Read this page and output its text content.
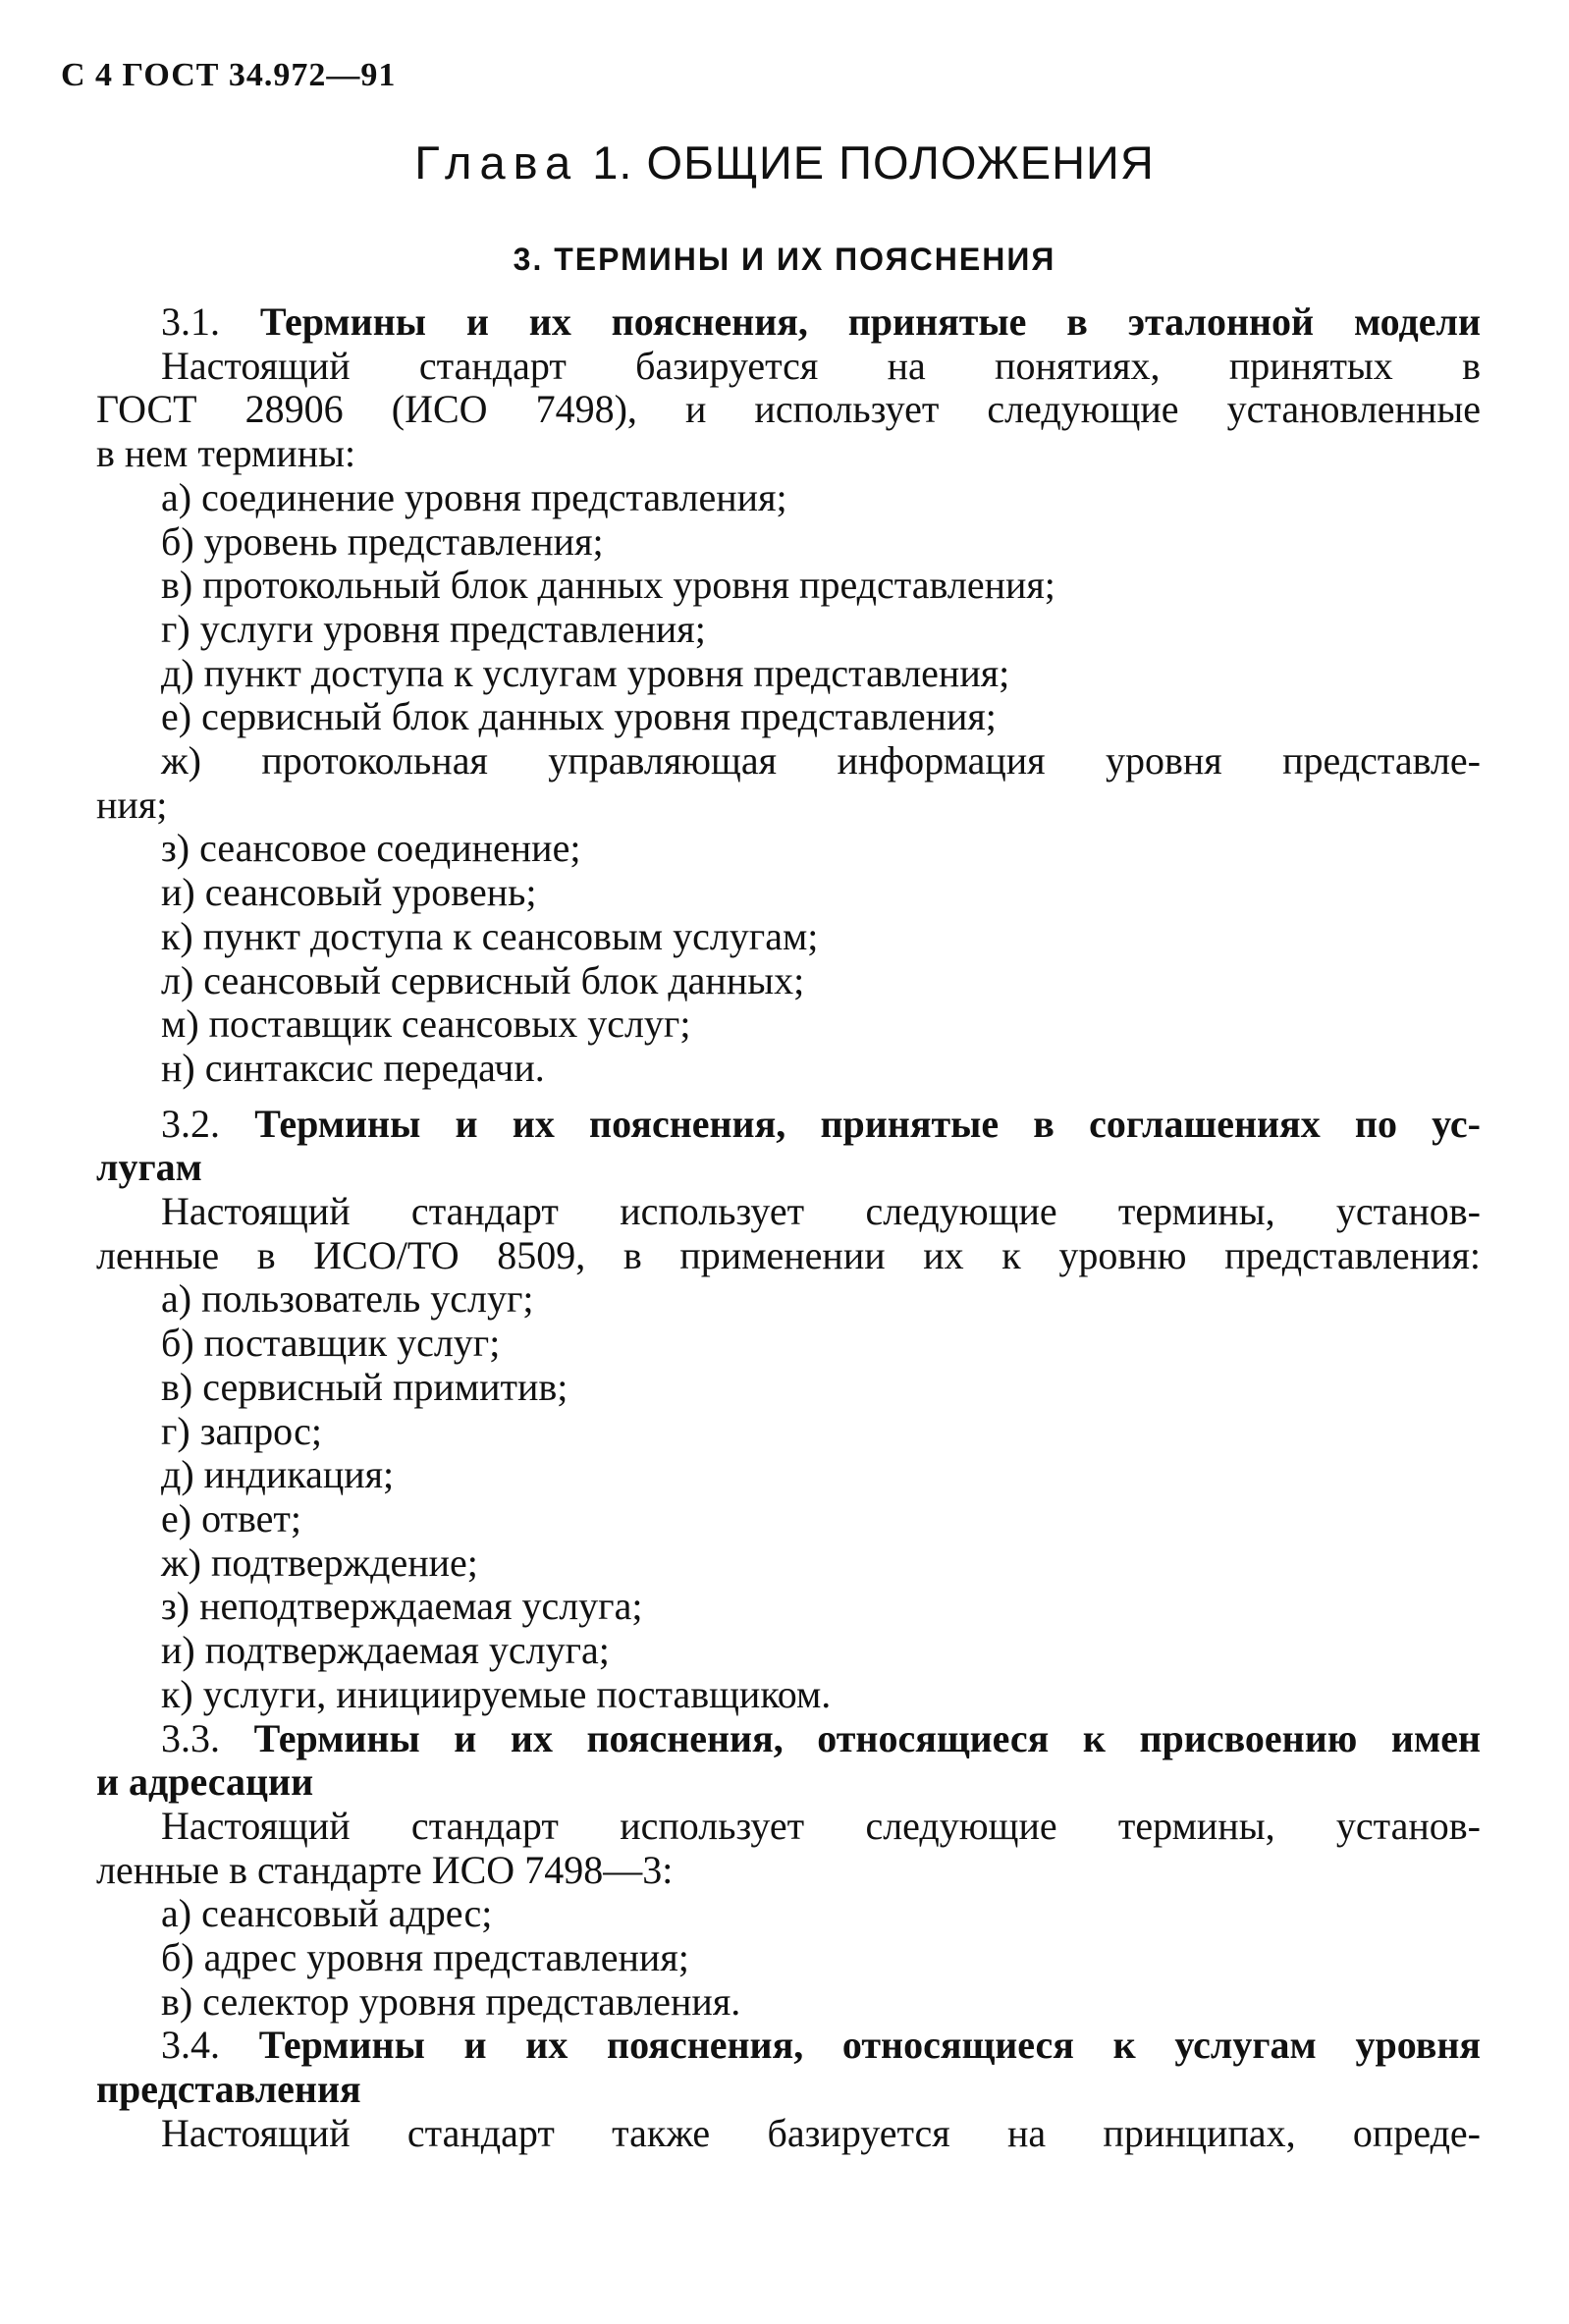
С 4 ГОСТ 34.972—91
Глава 1. ОБЩИЕ ПОЛОЖЕНИЯ
3. ТЕРМИНЫ И ИХ ПОЯСНЕНИЯ
3.1. Термины и их пояснения, принятые в эталонной модели
Настоящий стандарт базируется на понятиях, принятых в
ГОСТ 28906 (ИСО 7498), и использует следующие установленные
в нем термины:
а) соединение уровня представления;
б) уровень представления;
в) протокольный блок данных уровня представления;
г) услуги уровня представления;
д) пункт доступа к услугам уровня представления;
е) сервисный блок данных уровня представления;
ж) протокольная управляющая информация уровня представле-
ния;
з) сеансовое соединение;
и) сеансовый уровень;
к) пункт доступа к сеансовым услугам;
л) сеансовый сервисный блок данных;
м) поставщик сеансовых услуг;
н) синтаксис передачи.
3.2. Термины и их пояснения, принятые в соглашениях по ус-
лугам
Настоящий стандарт использует следующие термины, установ-
ленные в ИСО/ТО 8509, в применении их к уровню представления:
а) пользователь услуг;
б) поставщик услуг;
в) сервисный примитив;
г) запрос;
д) индикация;
е) ответ;
ж) подтверждение;
з) неподтверждаемая услуга;
и) подтверждаемая услуга;
к) услуги, инициируемые поставщиком.
3.3. Термины и их пояснения, относящиеся к присвоению имен
и адресации
Настоящий стандарт использует следующие термины, установ-
ленные в стандарте ИСО 7498—3:
а) сеансовый адрес;
б) адрес уровня представления;
в) селектор уровня представления.
3.4. Термины и их пояснения, относящиеся к услугам уровня
представления
Настоящий стандарт также базируется на принципах, опреде-
